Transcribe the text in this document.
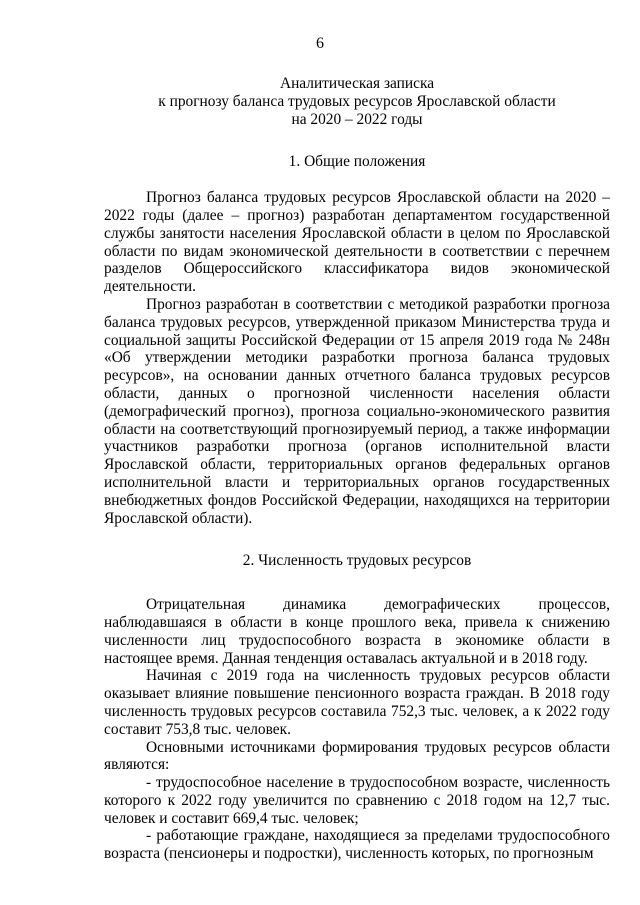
6
Аналитическая записка
к прогнозу баланса трудовых ресурсов Ярославской области
на 2020 – 2022 годы
1. Общие положения

Прогноз баланса трудовых ресурсов Ярославской области на 2020 – 2022 годы (далее – прогноз) разработан департаментом государственной службы занятости населения Ярославской области в целом по Ярославской области по видам экономической деятельности в соответствии с перечнем разделов Общероссийского классификатора видов экономической деятельности.

Прогноз разработан в соответствии с методикой разработки прогноза баланса трудовых ресурсов, утвержденной приказом Министерства труда и социальной защиты Российской Федерации от 15 апреля 2019 года № 248н «Об утверждении методики разработки прогноза баланса трудовых ресурсов», на основании данных отчетного баланса трудовых ресурсов области, данных о прогнозной численности населения области (демографический прогноз), прогноза социально-экономического развития области на соответствующий прогнозируемый период, а также информации участников разработки прогноза (органов исполнительной власти Ярославской области, территориальных органов федеральных органов исполнительной власти и территориальных органов государственных внебюджетных фондов Российской Федерации, находящихся на территории Ярославской области).

2. Численность трудовых ресурсов

Отрицательная динамика демографических процессов, наблюдавшаяся в области в конце прошлого века, привела к снижению численности лиц трудоспособного возраста в экономике области в настоящее время. Данная тенденция оставалась актуальной и в 2018 году.

Начиная с 2019 года на численность трудовых ресурсов области оказывает влияние повышение пенсионного возраста граждан. В 2018 году численность трудовых ресурсов составила 752,3 тыс. человек, а к 2022 году составит 753,8 тыс. человек.

Основными источниками формирования трудовых ресурсов области являются:

- трудоспособное население в трудоспособном возрасте, численность которого к 2022 году увеличится по сравнению с 2018 годом на 12,7 тыс. человек и составит 669,4 тыс. человек;

- работающие граждане, находящиеся за пределами трудоспособного возраста (пенсионеры и подростки), численность которых, по прогнозным
